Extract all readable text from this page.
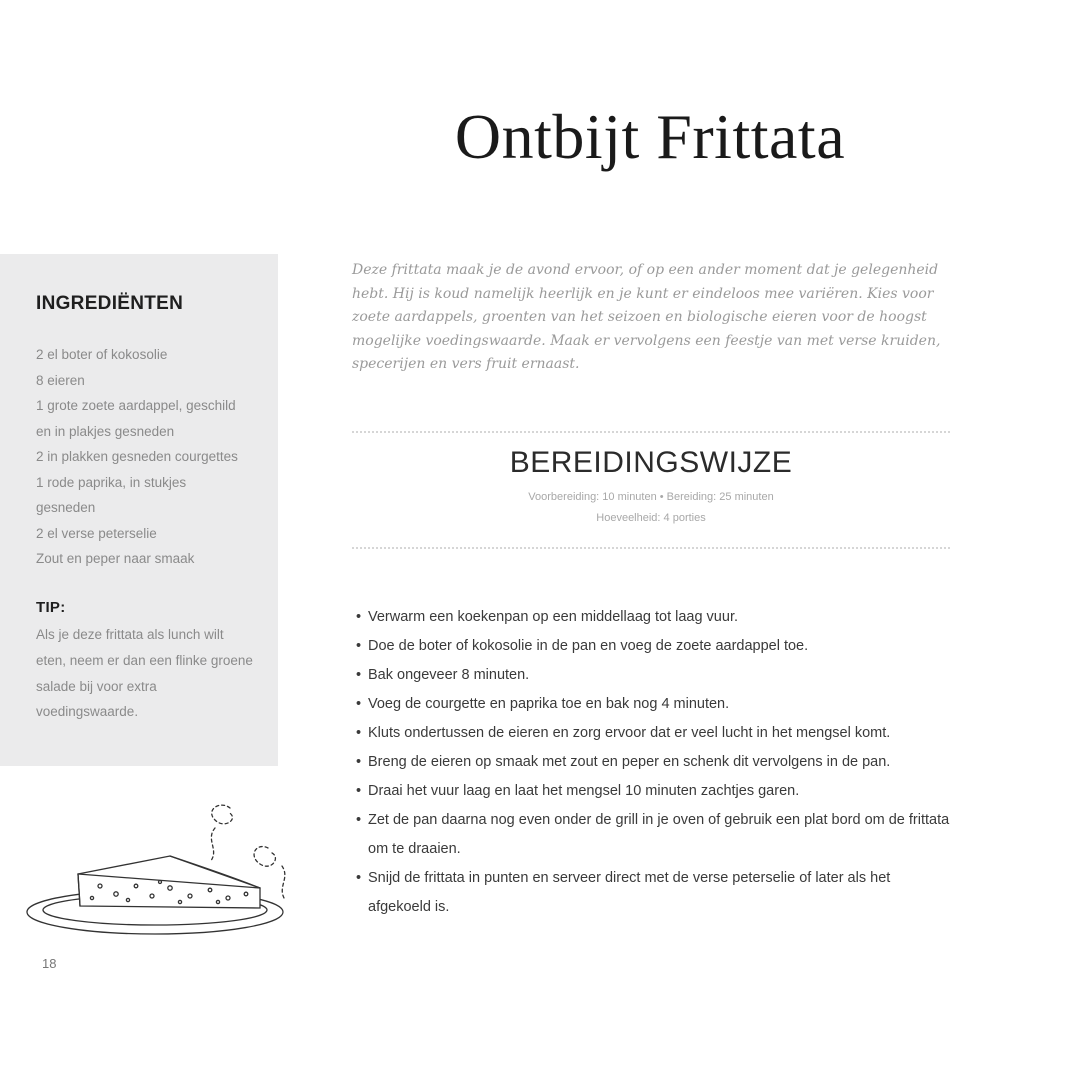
Ontbijt Frittata
INGREDIËNTEN
2 el boter of kokosolie
8 eieren
1 grote zoete aardappel, geschild
en in plakjes gesneden
2 in plakken gesneden courgettes
1 rode paprika, in stukjes
gesneden
2 el verse peterselie
Zout en peper naar smaak
TIP:
Als je deze frittata als lunch wilt eten, neem er dan een flinke groene salade bij voor extra voedingswaarde.
Deze frittata maak je de avond ervoor, of op een ander moment dat je gelegenheid hebt. Hij is koud namelijk heerlijk en je kunt er eindeloos mee variëren. Kies voor zoete aardappels, groenten van het seizoen en biologische eieren voor de hoogst mogelijke voedingswaarde. Maak er vervolgens een feestje van met verse kruiden, specerijen en vers fruit ernaast.
BEREIDINGSWIJZE
Voorbereiding: 10 minuten • Bereiding: 25 minuten
Hoeveelheid: 4 porties
• Verwarm een koekenpan op een middellaag tot laag vuur.
• Doe de boter of kokosolie in de pan en voeg de zoete aardappel toe.
• Bak ongeveer 8 minuten.
• Voeg de courgette en paprika toe en bak nog 4 minuten.
• Kluts ondertussen de eieren en zorg ervoor dat er veel lucht in het mengsel komt.
• Breng de eieren op smaak met zout en peper en schenk dit vervolgens in de pan.
• Draai het vuur laag en laat het mengsel 10 minuten zachtjes garen.
• Zet de pan daarna nog even onder de grill in je oven of gebruik een plat bord om de frittata om te draaien.
• Snijd de frittata in punten en serveer direct met de verse peterselie of later als het afgekoeld is.
18
